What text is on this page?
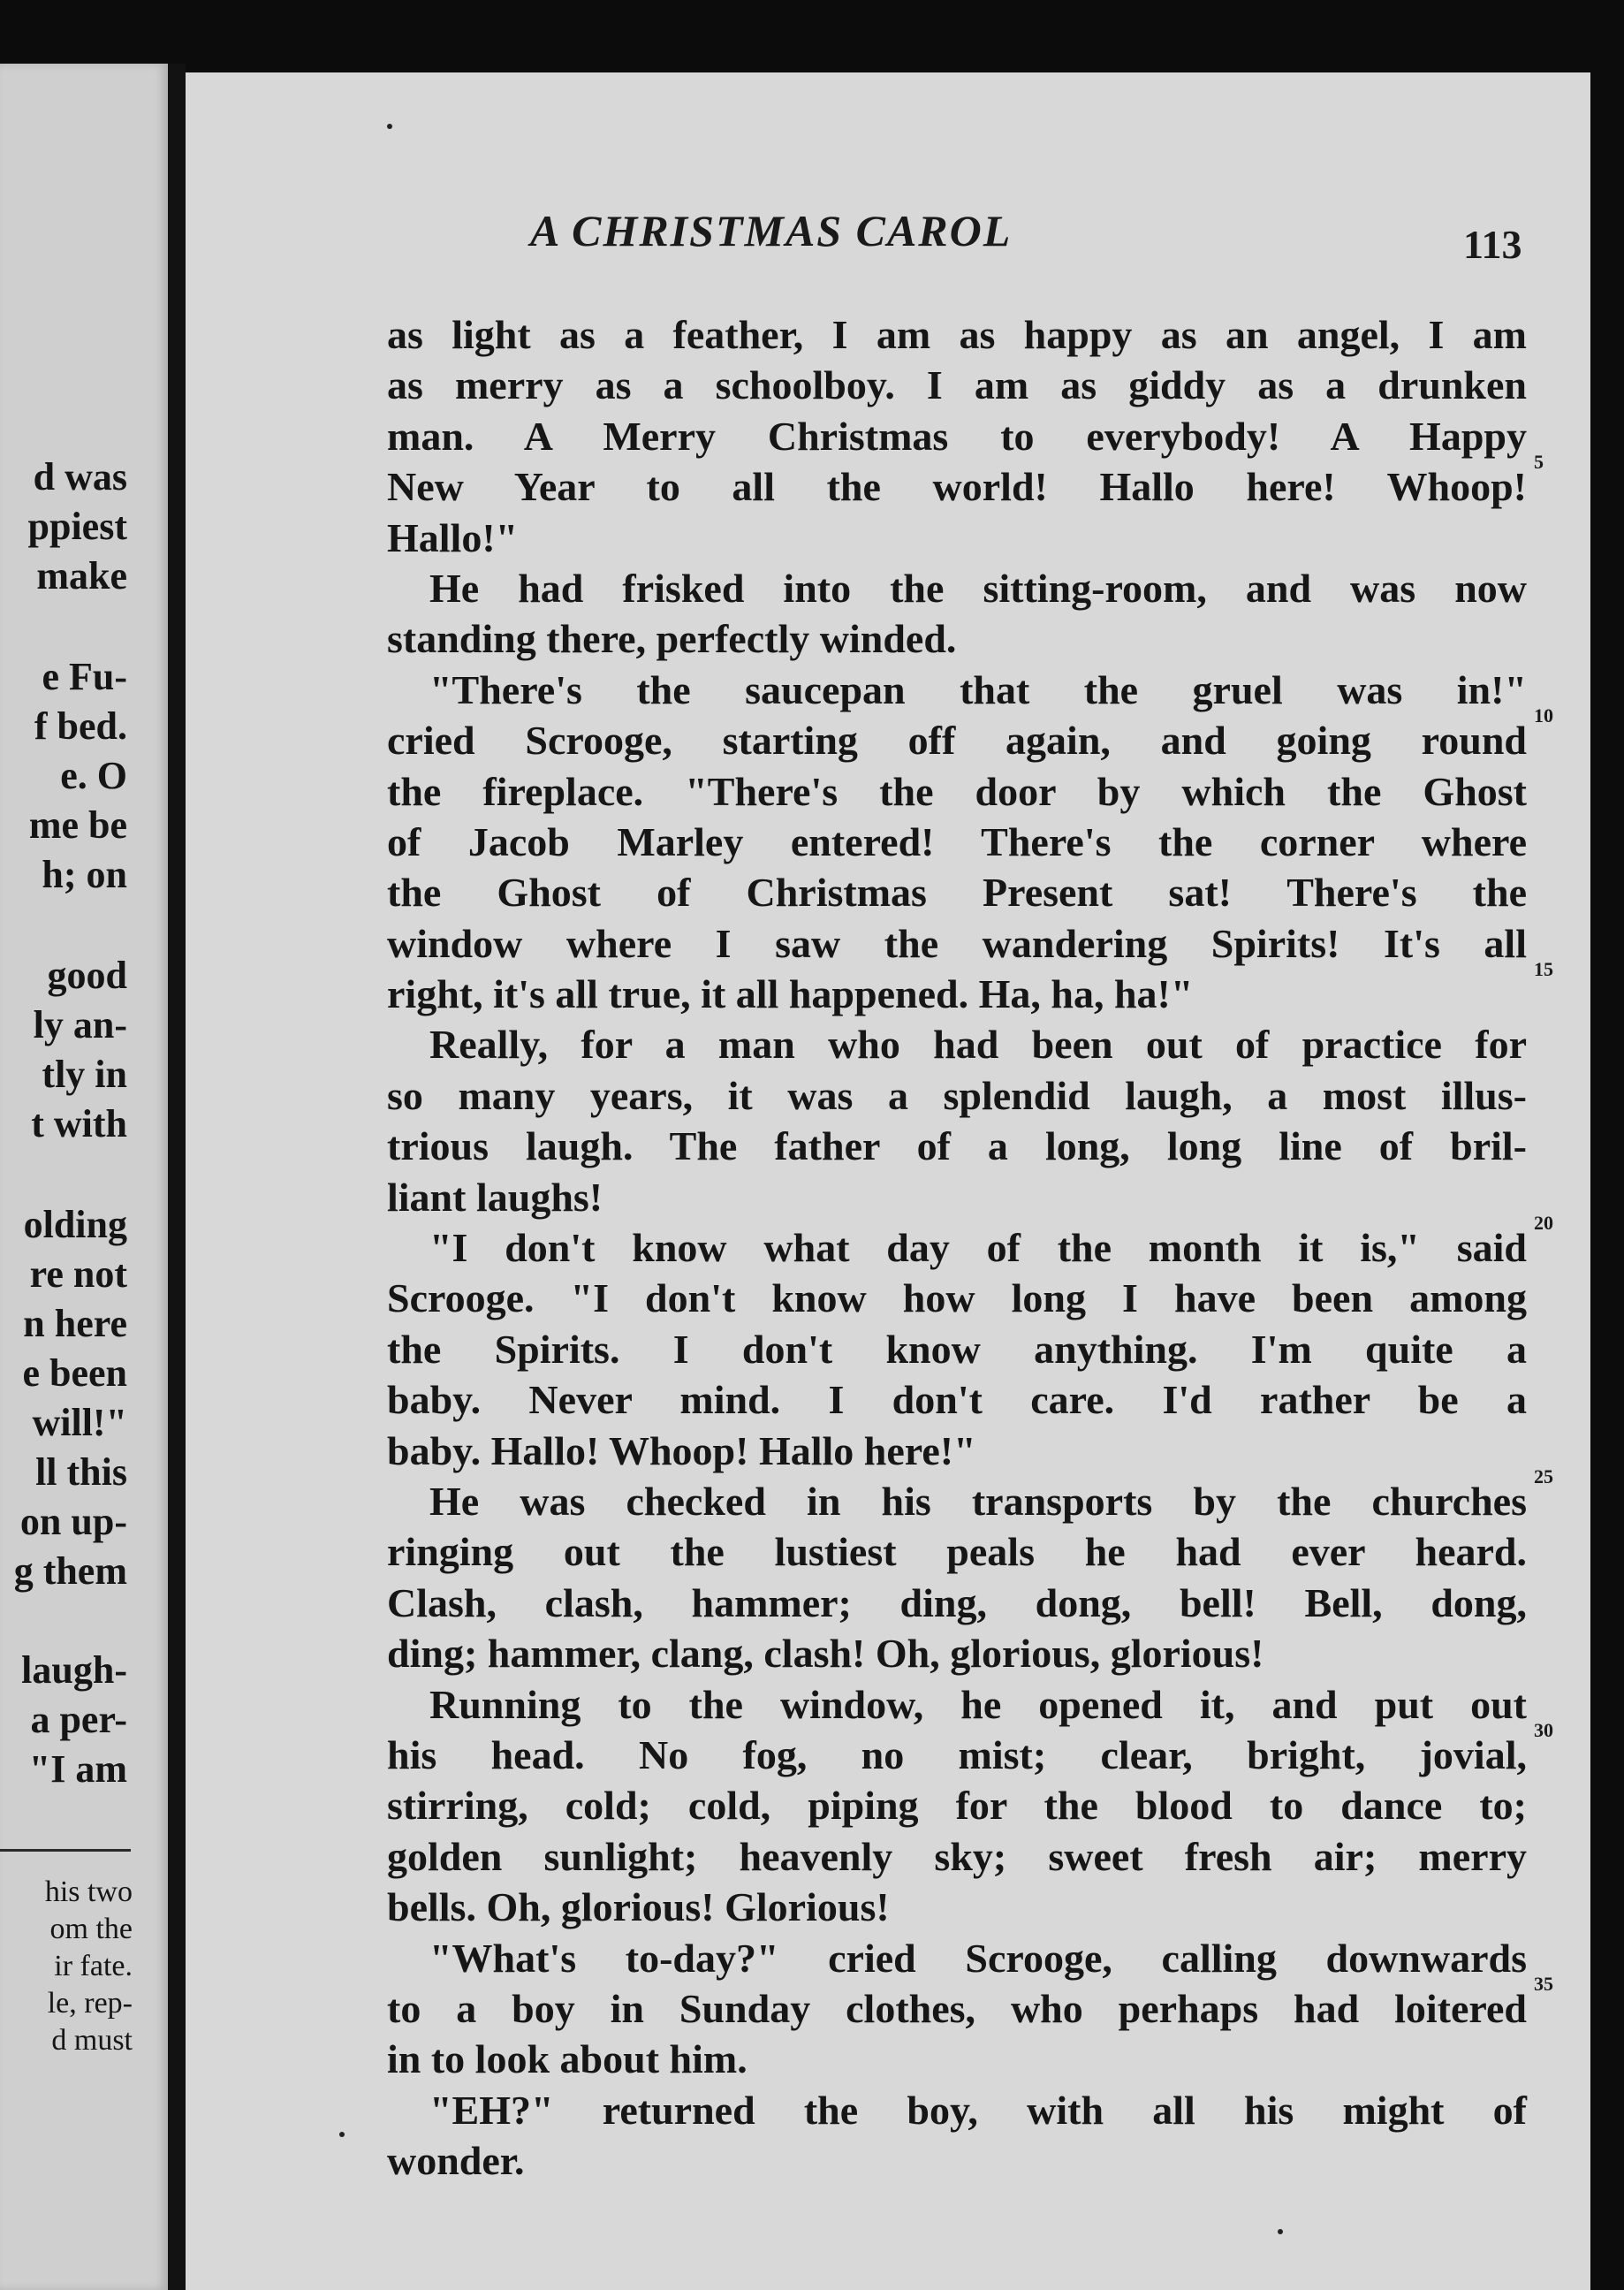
d was
ppiest
make
e Fu-
f bed.
e. O
me be
h; on
good
ly an-
tly in
t with
olding
re not
n here
e been
will!"
ll this
on up-
g them
laugh-
a per-
"I am
his two
om the
ir fate.
le, rep-
d must
A CHRISTMAS CAROL	113
as light as a feather, I am as happy as an angel, I am
as merry as a schoolboy. I am as giddy as a drunken
man. A Merry Christmas to everybody! A Happy
New Year to all the world! Hallo here! Whoop!
Hallo!"
He had frisked into the sitting-room, and was now
standing there, perfectly winded.
"There's the saucepan that the gruel was in!"
cried Scrooge, starting off again, and going round
the fireplace. "There's the door by which the Ghost
of Jacob Marley entered! There's the corner where
the Ghost of Christmas Present sat! There's the
window where I saw the wandering Spirits! It's all
right, it's all true, it all happened. Ha, ha, ha!"
Really, for a man who had been out of practice for
so many years, it was a splendid laugh, a most illus-
trious laugh. The father of a long, long line of bril-
liant laughs!
"I don't know what day of the month it is," said
Scrooge. "I don't know how long I have been among
the Spirits. I don't know anything. I'm quite a
baby. Never mind. I don't care. I'd rather be a
baby. Hallo! Whoop! Hallo here!"
He was checked in his transports by the churches
ringing out the lustiest peals he had ever heard.
Clash, clash, hammer; ding, dong, bell! Bell, dong,
ding; hammer, clang, clash! Oh, glorious, glorious!
Running to the window, he opened it, and put out
his head. No fog, no mist; clear, bright, jovial,
stirring, cold; cold, piping for the blood to dance to;
golden sunlight; heavenly sky; sweet fresh air; merry
bells. Oh, glorious! Glorious!
"What's to-day?" cried Scrooge, calling downwards
to a boy in Sunday clothes, who perhaps had loitered
in to look about him.
"EH?" returned the boy, with all his might of
wonder.
5
10
15
20
25
30
35
